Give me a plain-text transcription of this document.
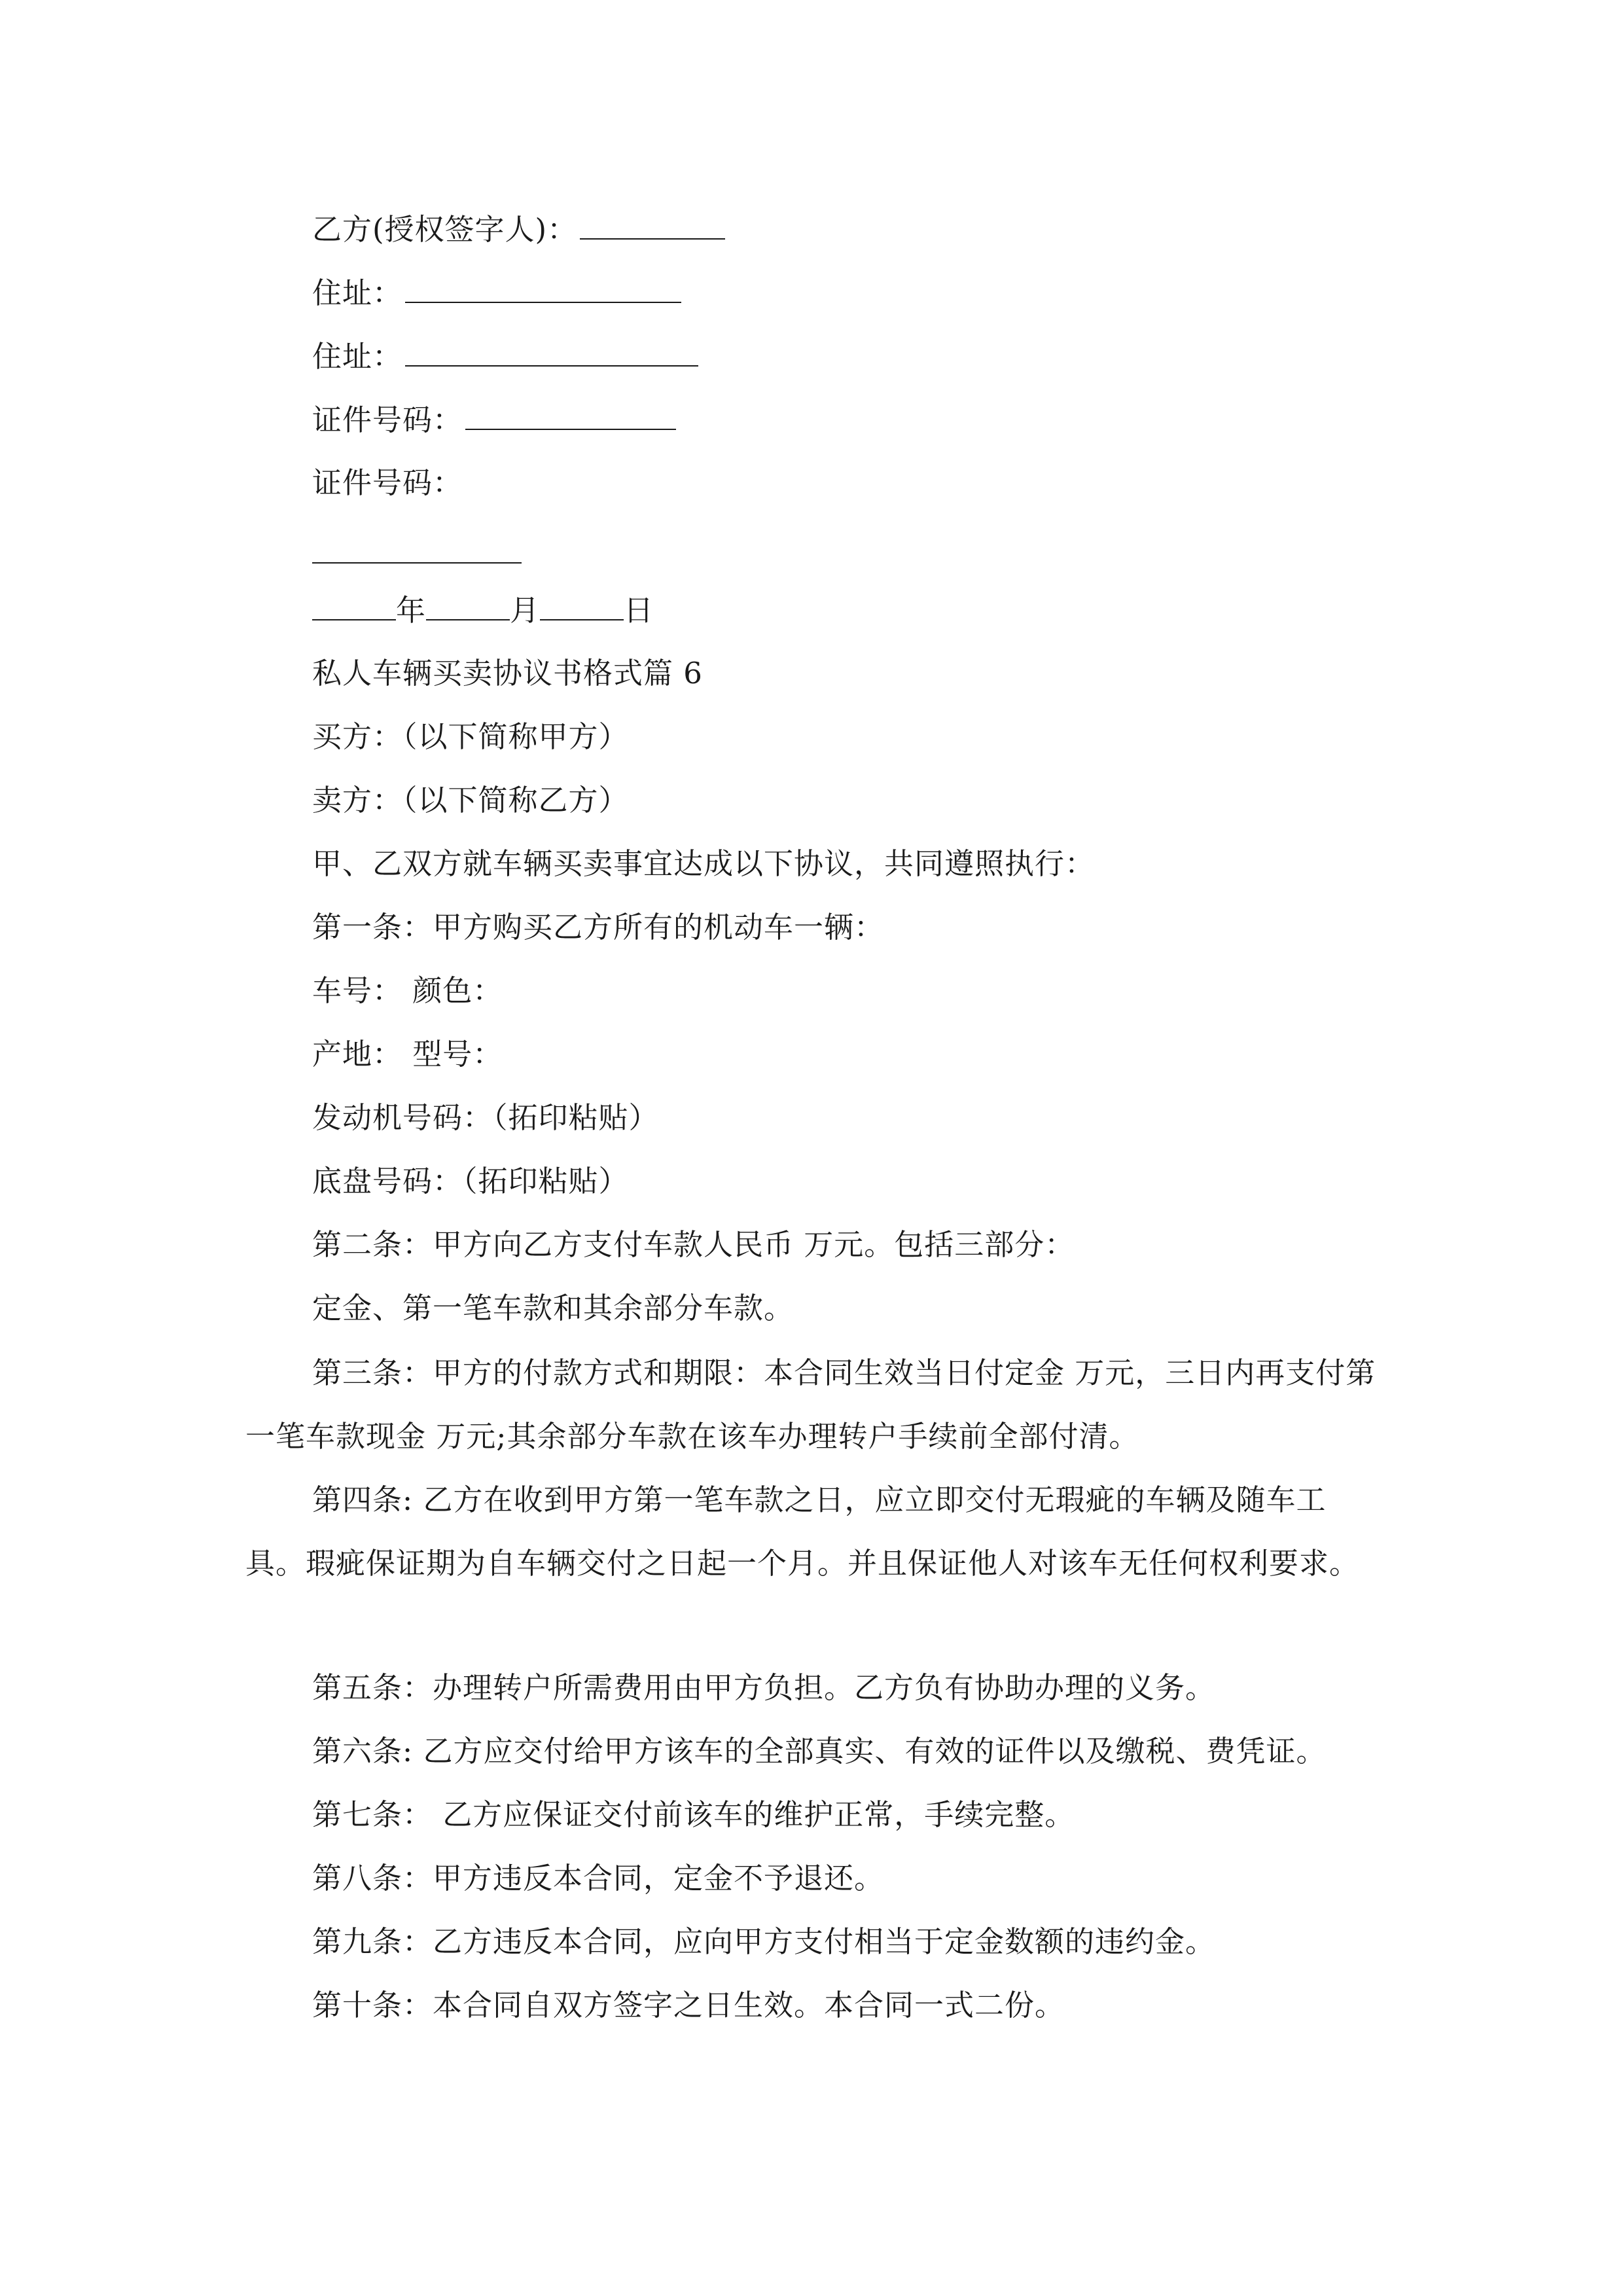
乙方(授权签字人)：
住址：
住址：
证件号码：
证件号码：
年	月	日
私人车辆买卖协议书格式篇 6
买方：（以下简称甲方）
卖方：（以下简称乙方）
甲、乙双方就车辆买卖事宜达成以下协议，共同遵照执行：
第一条：甲方购买乙方所有的机动车一辆：
车号： 颜色：
产地： 型号：
发动机号码：（拓印粘贴）
底盘号码：（拓印粘贴）
第二条：甲方向乙方支付车款人民币 万元。包括三部分：
定金、第一笔车款和其余部分车款。
第三条：甲方的付款方式和期限：本合同生效当日付定金 万元，三日内再支付第一笔车款现金 万元;其余部分车款在该车办理转户手续前全部付清。
第四条: 乙方在收到甲方第一笔车款之日，应立即交付无瑕疵的车辆及随车工具。瑕疵保证期为自车辆交付之日起一个月。并且保证他人对该车无任何权利要求。
第五条：办理转户所需费用由甲方负担。乙方负有协助办理的义务。
第六条: 乙方应交付给甲方该车的全部真实、有效的证件以及缴税、费凭证。
第七条： 乙方应保证交付前该车的维护正常，手续完整。
第八条：甲方违反本合同，定金不予退还。
第九条：乙方违反本合同，应向甲方支付相当于定金数额的违约金。
第十条：本合同自双方签字之日生效。本合同一式二份。
